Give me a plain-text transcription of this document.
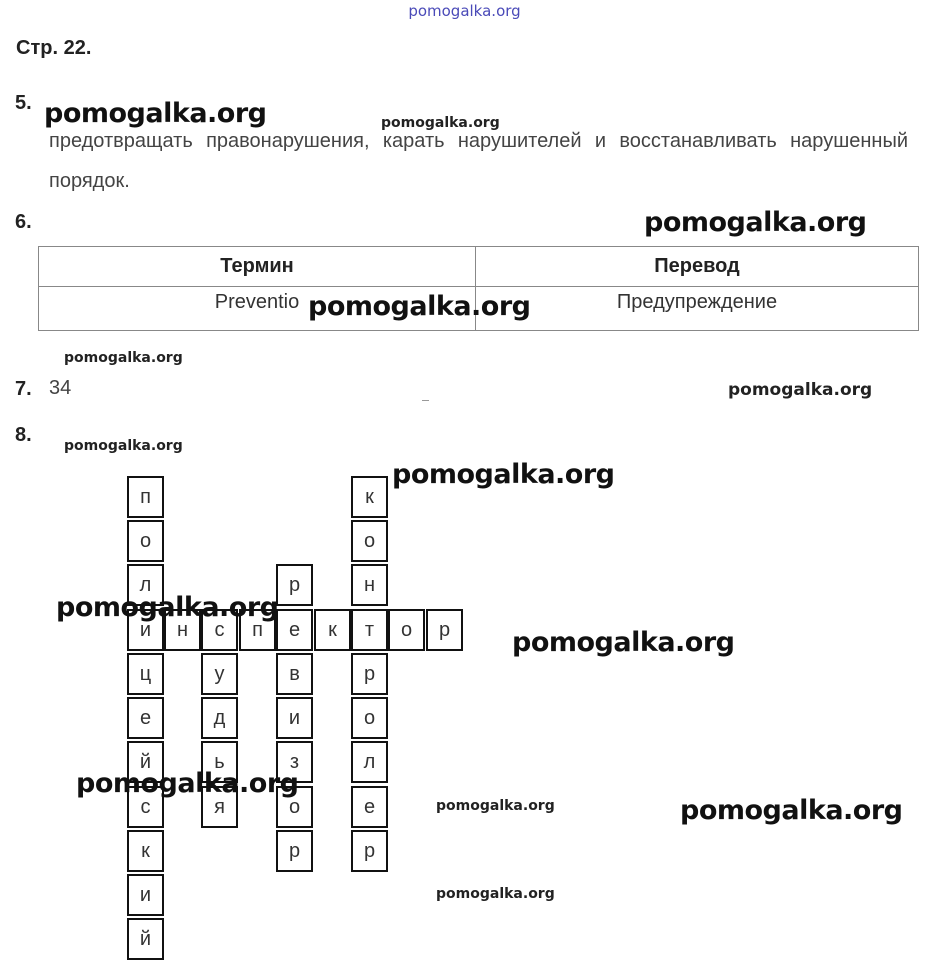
pomogalka.org
Стр. 22.
5.
предотвращать правонарушения, карать нарушителей и восстанавливать нарушенный порядок.
6.
Термин	Перевод
Preventio	Предупреждение
7. 34
8.
п
о
л
и
ц
е
й
с
к
и
й
н	с	п	е	к	т	о	р
у
д
ь
я
р
в
и
з
о
р
к
о
н
р
о
л
е
р
pomogalka.org	pomogalka.org
pomogalka.org
pomogalka.org
pomogalka.org
pomogalka.org
pomogalka.org
pomogalka.org
pomogalka.org
pomogalka.org
pomogalka.org
pomogalka.org	pomogalka.org
pomogalka.org
